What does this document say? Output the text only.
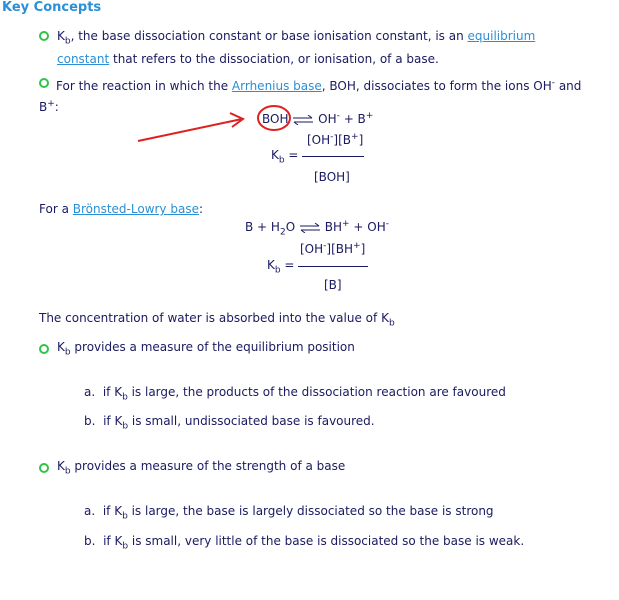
Key Concepts
$K_b$, the base dissociation constant or base ionisation constant, is an equilibrium constant that refers to the dissociation, or ionisation, of a base.
For the reaction in which the Arrhenius base, BOH, dissociates to form the ions OH- and B+:
BOH ⇌ OH- + B+
[OH-][B+]
$K_b$ =
[BOH]
For a Brönsted-Lowry base:
$B + H_2O$ ⇌ BH+ + OH-
[OH-][BH+]
$K_b$ =
[B]
The concentration of water is absorbed into the value of $K_b$
$K_b$ provides a measure of the equilibrium position
a. if $K_b$ is large, the products of the dissociation reaction are favoured
b. if $K_b$ is small, undissociated base is favoured.
$K_b$ provides a measure of the strength of a base
a. if $K_b$ is large, the base is largely dissociated so the base is strong
b. if $K_b$ is small, very little of the base is dissociated so the base is weak.
